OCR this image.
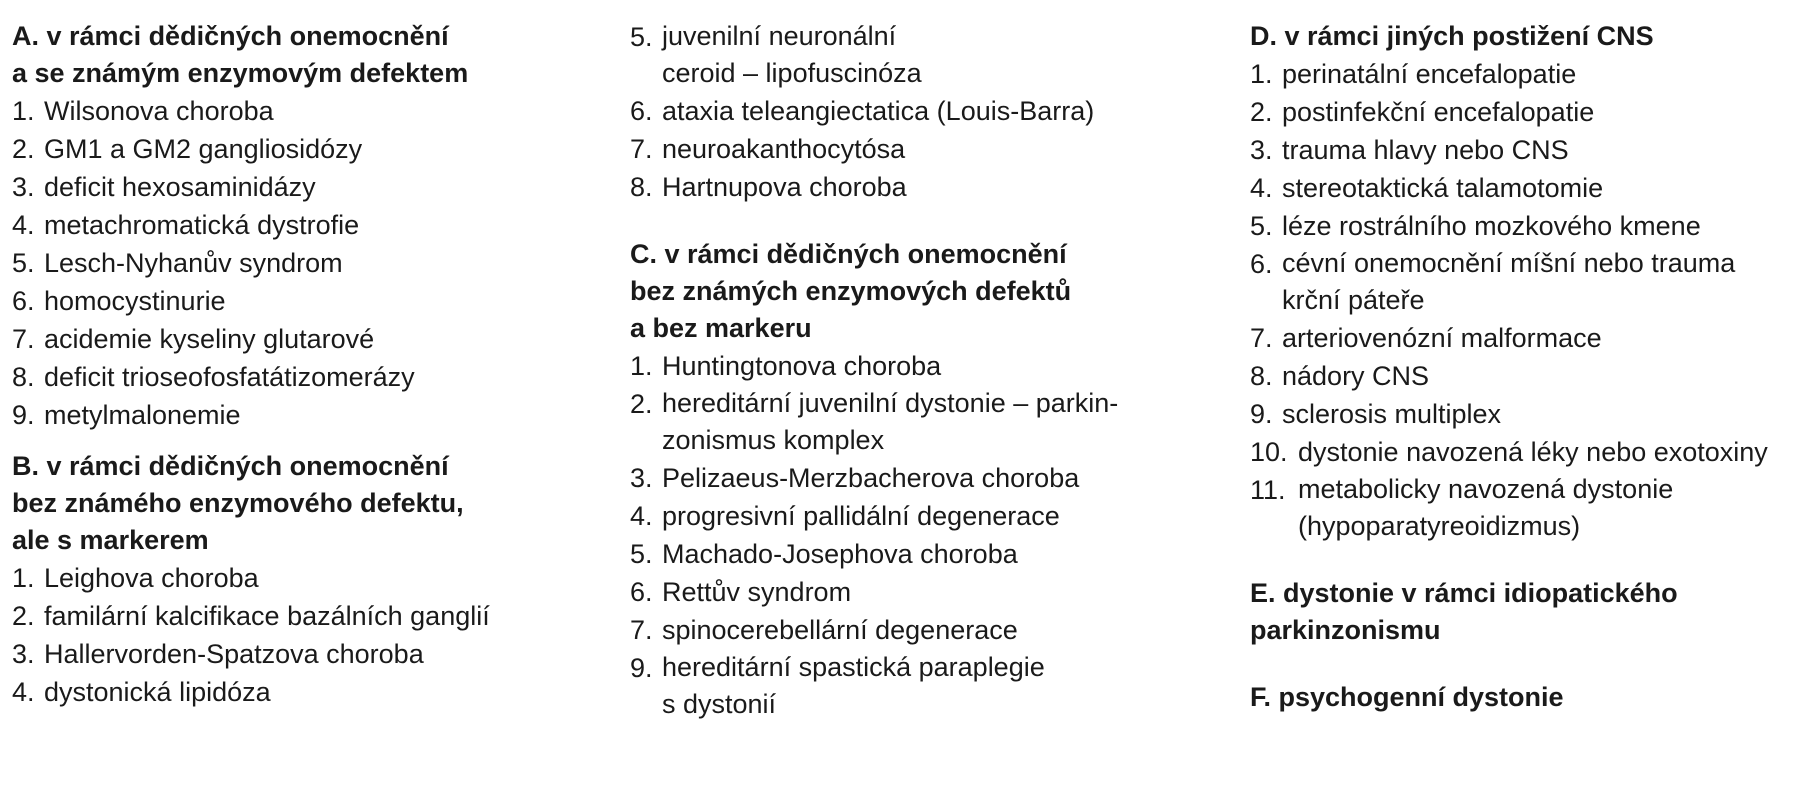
A. v rámci dědičných onemocnění
a se známým enzymovým defektem
1. Wilsonova choroba
2. GM1 a GM2 gangliosidózy
3. deficit hexosaminidázy
4. metachromatická dystrofie
5. Lesch-Nyhanův syndrom
6. homocystinurie
7. acidemie kyseliny glutarové
8. deficit trioseofosfatátizomerázy
9. metylmalonemie
B. v rámci dědičných onemocnění
bez známého enzymového defektu,
ale s markerem
1. Leighova choroba
2. familární kalcifikace bazálních ganglií
3. Hallervorden-Spatzova choroba
4. dystonická lipidóza
5. juvenilní neuronální
ceroid – lipofuscinóza
6. ataxia teleangiectatica (Louis-Barra)
7. neuroakanthocytósa
8. Hartnupova choroba
C. v rámci dědičných onemocnění
bez známých enzymových defektů
a bez markeru
1. Huntingtonova choroba
2. hereditární juvenilní dystonie – parkin-
zonismus komplex
3. Pelizaeus-Merzbacherova choroba
4. progresivní pallidální degenerace
5. Machado-Josephova choroba
6. Rettův syndrom
7. spinocerebellární degenerace
9. hereditární spastická paraplegie
s dystonií
D. v rámci jiných postižení CNS
1. perinatální encefalopatie
2. postinfekční encefalopatie
3. trauma hlavy nebo CNS
4. stereotaktická talamotomie
5. léze rostrálního mozkového kmene
6. cévní onemocnění míšní nebo trauma
krční páteře
7. arteriovenózní malformace
8. nádory CNS
9. sclerosis multiplex
10. dystonie navozená léky nebo exotoxiny
11. metabolicky navozená dystonie
(hypoparatyreoidizmus)
E. dystonie v rámci idiopatického
parkinzonismu
F. psychogenní dystonie
